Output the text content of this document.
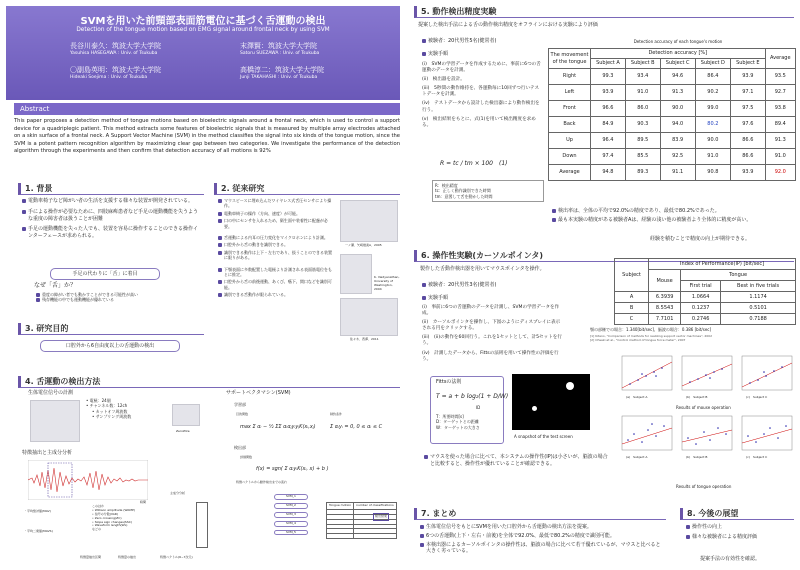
SVMを用いた前頸部表面筋電位に基づく舌運動の検出
Detection of the tongue motion based on EMG signal around frontal neck by using SVM
長谷川泰久：筑波大学大学院
Yasuhisa HASEGAWA : Univ. of Tsukuba
末澤賢：筑波大学大学院
Satoru SUEZAWA : Univ. of Tsukuba
〇副島英明：筑波大学大学院
Hideaki Soejima : Univ. of Tsukuba
高橋淳二：筑波大学大学院
Junji TAKAHASHI : Univ. of Tsukuba
Abstract
This paper proposes a detection method of tongue motions based on bioelectric signals around a frontal neck, which is used to control a support device for a quadriplegic patient. This method extracts some features of bioelectric signals that is measured by multiple array electrodes attached on a skin surface of a frontal neck. A Support Vector Machine (SVM) in the method classifies the signal into six kinds of the tongue motion, since the SVM is a potent pattern recognition algorithm by maximizing clear gap between two categories. We investigate the performance of the detection algorithm through the experiments and then confirm that detection accuracy of all motions is 92%
1. 背景
電動車椅子など障がい者の生活を支援する様々な装置が開発されている。
手による操作が必要なために、四肢麻痺患者など手足の運動機能を失うような重度の障害者は扱うことが困難
手足の運動機能を失った人でも、装置を容易に操作することのできる操作インターフェースが求められる。
手足の代わりに「舌」に着目
なぜ「舌」か？
重度の障がい者でも動かすことができる可能性が高い
残存機能の中でも運動機能が優れている
2. 従来研究
マウスピースに埋め込んだワイヤレス式舌圧センサにより操作。
電動車椅子の操作（方向、速度）が可能。
口の中にセンサを入れるため、衛生面や装着性に配慮が必要。
舌運動による内耳の圧力変化をマイクロホンにより計測。
口腔外から舌の動きを識別できる。
識別できる動作は上下・左右であり、扱うことのできる装置に限りがある。
下顎表面に多数配置した電極より計測される表面筋電位をもとに推定。
口腔外から舌の前後運動、あくび、嚥下、開口などを識別可能。
識別できる舌動作が限られている。
一ノ瀬、矢崎雄美A、2005
K. Vaidyanathan, University of Washington, 2004
佐々木、西澤、2011
3. 研究目的
口腔外から6自由度以上の舌運動の検出
4. 舌運動の検出方法
生体電位信号の計測
• 電極：24個
• チャンネル数：12ch
• カットオフ周波数
• サンプリング周波数
ZeroWire
特徴抽出と主成分分析
時間
・平均絶対値(MAV)
・平均二乗値(MAVS)
特徴量抽出区間
このほか
• Willison amplitude (WAMP)
• 信号の分散(VAR)
• Zero crossing(ZC)
• Slope sign changes(SSC)
• Waveform length(WL)
などの
特徴量の抽出
主成分分析
特徴ベクトル(6~7次元)
サポートベクタマシン(SVM)
学習部
目的関数	制約条件
max Σ αᵢ − ½ ΣΣ αᵢαⱼyᵢyⱼK(xᵢ,xⱼ)	Σ αᵢyᵢ = 0, 0 ≤ αᵢ ≤ C
検出部
評価関数
f(x) = sgn( Σ αᵢyᵢK(xᵢ, x) + b )
特徴ベクトルから動作検出までの流れ
SVM_1
SVM_2
SVM_3
SVM_4
SVM_5
Tongue motion	number of classifications

検出結果
5. 動作検出精度実験
提案した検出手法による舌の動作検出精度をオフラインにおける実験により評価
被験者：20代男性5名(健常者)
実験手順
(i)　SVMの学習データを作成するために、事前に6つの舌運動のデータを計測。
(ii)　検出器を設計。
(iii)　5秒間の動作維持を、各運動毎に10回ずつ行いテストデータを計測。
(iv)　テストデータから設計した検出器により動作検出を行う。
(v)　検出結果をもとに、式(1)を用いて検出精度を求める。
R = tc / tm × 100　(1)
R：検出精度
tc：正しく動作識別できた時間
tm：意図して舌を動かした時間
Detection accuracy of each tongue's motion
The movement of the tongue	Detection accuracy [%]					Average
	Subject A	Subject B	Subject C	Subject D	Subject E	
Right	99.3	93.4	94.6	86.4	93.9	93.5
Left	93.9	91.0	91.3	90.2	97.1	92.7
Front	96.6	86.0	90.0	99.0	97.5	93.8
Back	84.9	90.3	94.0	80.2	97.6	89.4
Up	96.4	89.5	83.9	90.0	86.6	91.3
Down	97.4	85.5	92.5	91.0	86.6	91.0
Average	94.8	89.3	91.1	90.8	93.9	92.0
検出率は、全体の平均で92.0%の精度であり、最低で80.2%であった。
最も本実験の精度がある被験者Aは、経験の浅い他の被験者より全体的に精度が高い。
経験を積むことで精度の向上が期待できる。
6. 操作性実験(カーソルポインタ)
製作した舌動作検出器を用いてマウスポインタを操作。
被験者：20代男性3名(健常者)
実験手順
(i)　事前に6つの舌運動のデータを計測し、SVMの学習データを作成。
(ii)　カーソルポインタを操作し、下図のようにディスプレイに表示される円をクリックする。
(iii)　(ii)の動作を60回行う。これを1セットとして、計5セットを行う。
(iv)　計測したデータから、Fittsの法則を用いて操作性の評価を行う。
Fittsの法則
T = a + b log₂(1 + D/W)
ID
T：所要時間[s]
D：ターゲットとの距離
W：ターゲットの大きさ
A snapshot of the test screen
Subject	Index of Performance(IP) [bit/sec]		
	Mouse	Tongue	
		First trial	Best in five trials
A	6.3939	1.0664	1.1174
B	8.5543	0.1237	0.5101
C	7.7101	0.2746	0.7188
顎の部権での場合：1.340[bit/sec]、脳波の場合：0.386 [bit/sec]
[1] Kitano, "Comparison of methods for realizing support vector machines", 2002
[2] Ohsaki et al., "Control method of tongue force meter", 2007
(a)　Subject A	(b)　Subject B	(c)　Subject C
Results of mouse operation
(a)　Subject A	(b)　Subject B	(c)　Subject C
Results of tongue operation
マウスを使った場合に比べて、本システムの操作性(IP)は小さいが、脳波の場合と比較すると、操作性が優れていることが確認できる。
7. まとめ
生体電位信号をもとにSVMを用いた口腔外から舌運動の検出方法を提案。
6つの舌運動(上下・左右・前後)を全体で92.0%、最低で80.2%の精度で識別可能。
本検出器によるカーソルポインタの操作性は、脳波の場合に比べて若干優れているが、マウスと比べると大きく劣っている。
8. 今後の展望
操作性の向上
様々な被験者による精度評価
提案手法の有効性を確認。
